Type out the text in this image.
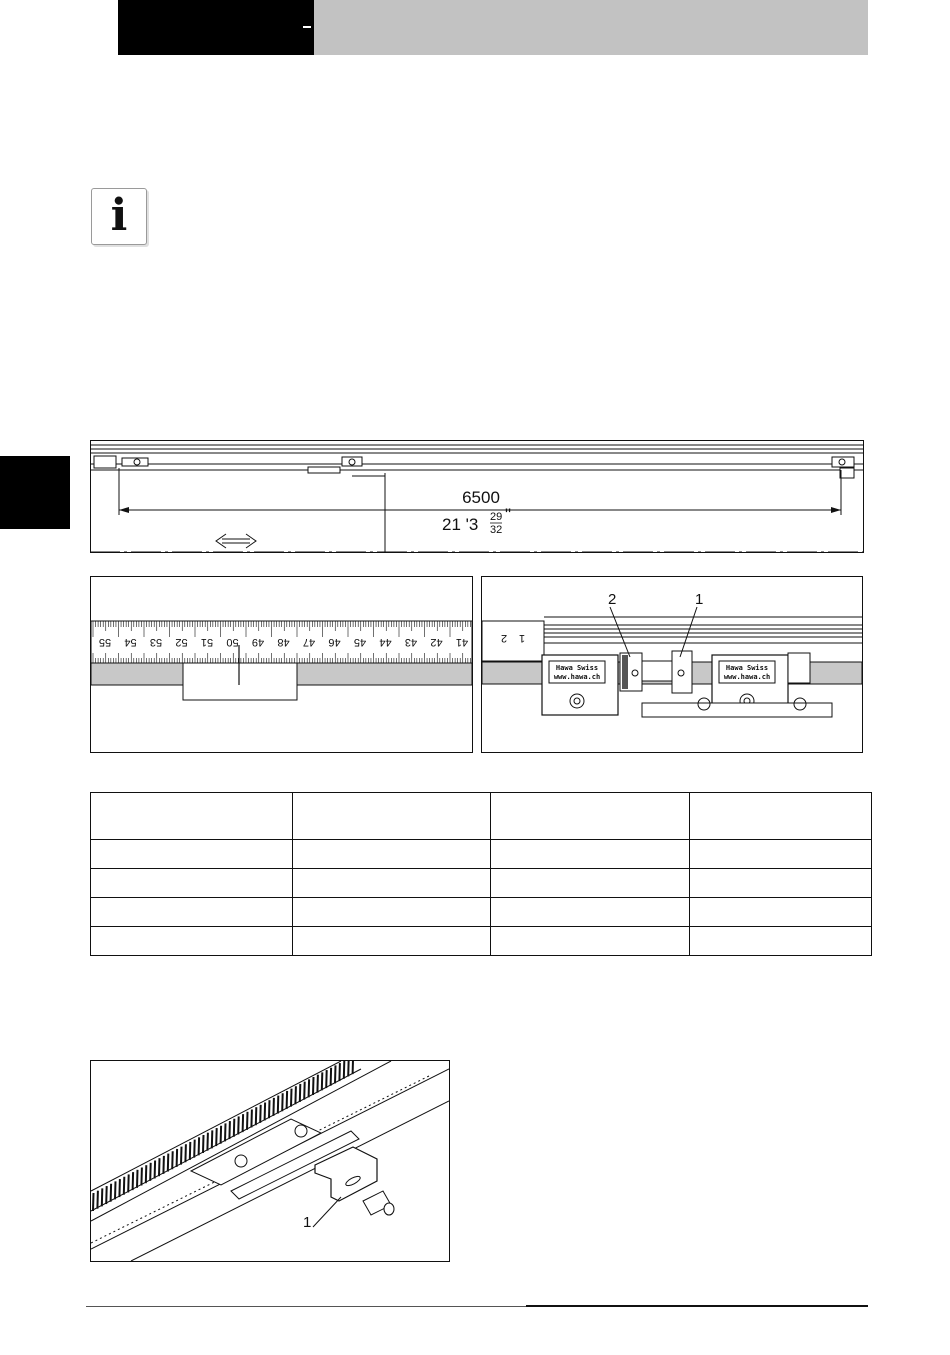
i
6500
21 '3 29
32
"
55 54 53 52 51 50 49 48 47 46 45 44 43 42 41	2 1
Hawa Swiss
www.hawa.ch
Hawa Swiss
www.hawa.ch
2	1

1
